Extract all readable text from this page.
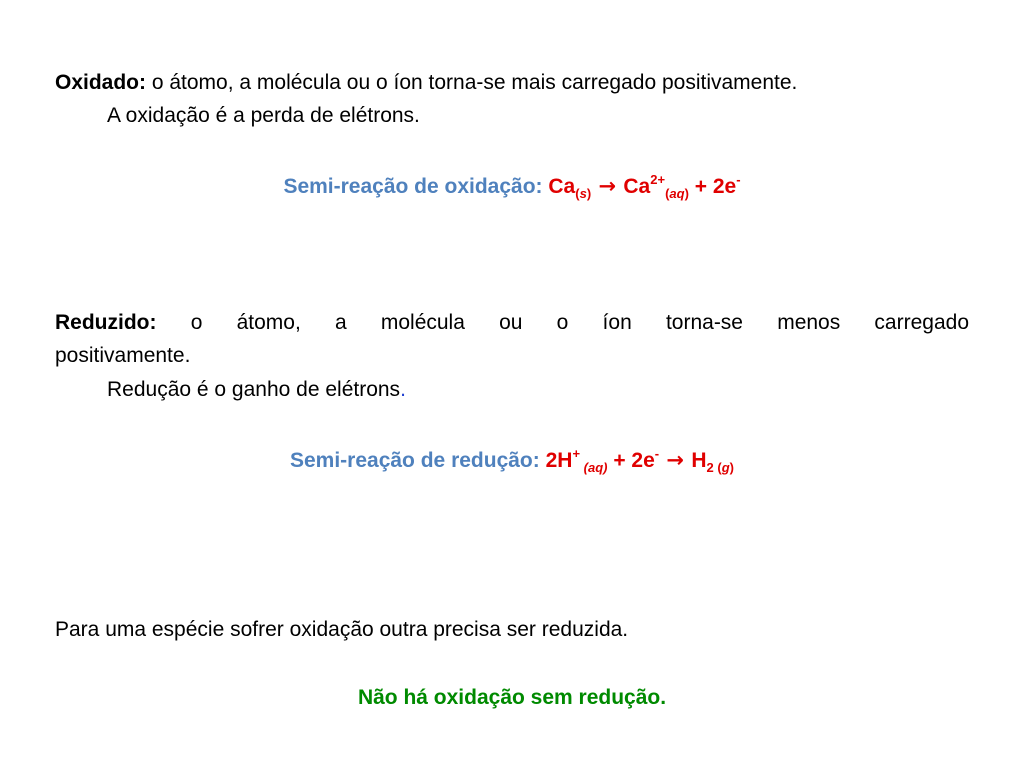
Oxidado: o átomo, a molécula ou o íon torna-se mais carregado positivamente.
A oxidação é a perda de elétrons.
Semi-reação de oxidação: $Ca_{(s)} \to Ca^{2+}_{(aq)} + 2e^-$
Reduzido: o átomo, a molécula ou o íon torna-se menos carregado
positivamente.
Redução é o ganho de elétrons.
Semi-reação de redução: 2H+ $_{(aq)} + 2e^- \to H_2$ $_{(g)}$
Para uma espécie sofrer oxidação outra precisa ser reduzida.
Não há oxidação sem redução.
